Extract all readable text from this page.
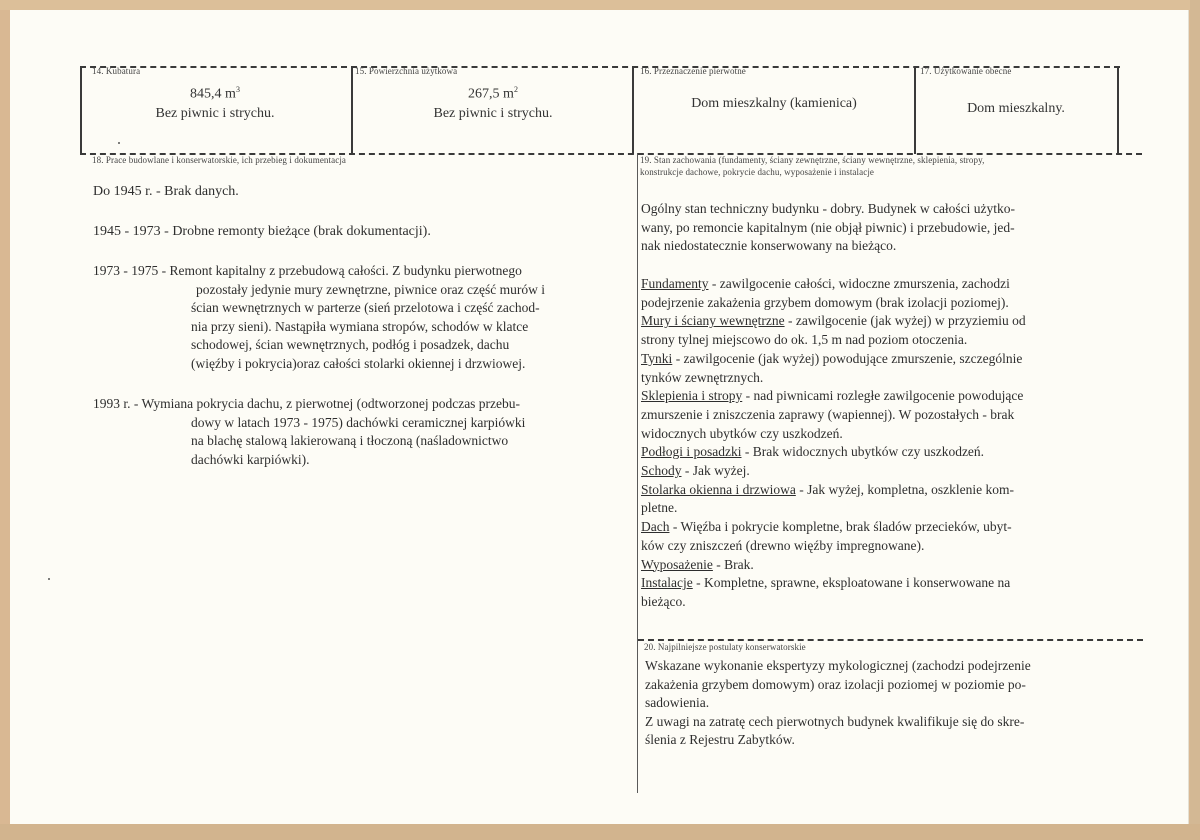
14. Kubatura
845,4 $m^3$
Bez piwnic i strychu.
15. Powierzchnia użytkowa
267,5 $m^2$
Bez piwnic i strychu.
16. Przeznaczenie pierwotne
Dom mieszkalny (kamienica)
17. Użytkowanie obecne
Dom mieszkalny.
18. Prace budowlane i konserwatorskie, ich przebieg i dokumentacja	19. Stan zachowania (fundamenty, ściany zewnętrzne, ściany wewnętrzne, sklepienia, stropy,
konstrukcje dachowe, pokrycie dachu, wyposażenie i instalacje
Do 1945 r. - Brak danych.
1945 - 1973 - Drobne remonty bieżące (brak dokumentacji).
1973 - 1975 - Remont kapitalny z przebudową całości. Z budynku pierwotnego
pozostały jedynie mury zewnętrzne, piwnice oraz część murów i
ścian wewnętrznych w parterze (sień przelotowa i część zachod-
nia przy sieni). Nastąpiła wymiana stropów, schodów w klatce
schodowej, ścian wewnętrznych, podłóg i posadzek, dachu
(więźby i pokrycia)oraz całości stolarki okiennej i drzwiowej.
1993 r. - Wymiana pokrycia dachu, z pierwotnej (odtworzonej podczas przebu-
dowy w latach 1973 - 1975) dachówki ceramicznej karpiówki
na blachę stalową lakierowaną i tłoczoną (naśladownictwo
dachówki karpiówki).
Ogólny stan techniczny budynku - dobry. Budynek w całości użytko-
wany, po remoncie kapitalnym (nie objął piwnic) i przebudowie, jed-
nak niedostatecznie konserwowany na bieżąco.
Fundamenty - zawilgocenie całości, widoczne zmurszenia, zachodzi
podejrzenie zakażenia grzybem domowym (brak izolacji poziomej).
Mury i ściany wewnętrzne - zawilgocenie (jak wyżej) w przyziemiu od
strony tylnej miejscowo do ok. 1,5 m nad poziom otoczenia.
Tynki - zawilgocenie (jak wyżej) powodujące zmurszenie, szczególnie
tynków zewnętrznych.
Sklepienia i stropy - nad piwnicami rozległe zawilgocenie powodujące
zmurszenie i zniszczenia zaprawy (wapiennej). W pozostałych - brak
widocznych ubytków czy uszkodzeń.
Podłogi i posadzki - Brak widocznych ubytków czy uszkodzeń.
Schody - Jak wyżej.
Stolarka okienna i drzwiowa - Jak wyżej, kompletna, oszklenie kom-
pletne.
Dach - Więźba i pokrycie kompletne, brak śladów przecieków, ubyt-
ków czy zniszczeń (drewno więźby impregnowane).
Wyposażenie - Brak.
Instalacje - Kompletne, sprawne, eksploatowane i konserwowane na
bieżąco.
20. Najpilniejsze postulaty konserwatorskie
Wskazane wykonanie ekspertyzy mykologicznej (zachodzi podejrzenie
zakażenia grzybem domowym) oraz izolacji poziomej w poziomie po-
sadowienia.
Z uwagi na zatratę cech pierwotnych budynek kwalifikuje się do skre-
ślenia z Rejestru Zabytków.
